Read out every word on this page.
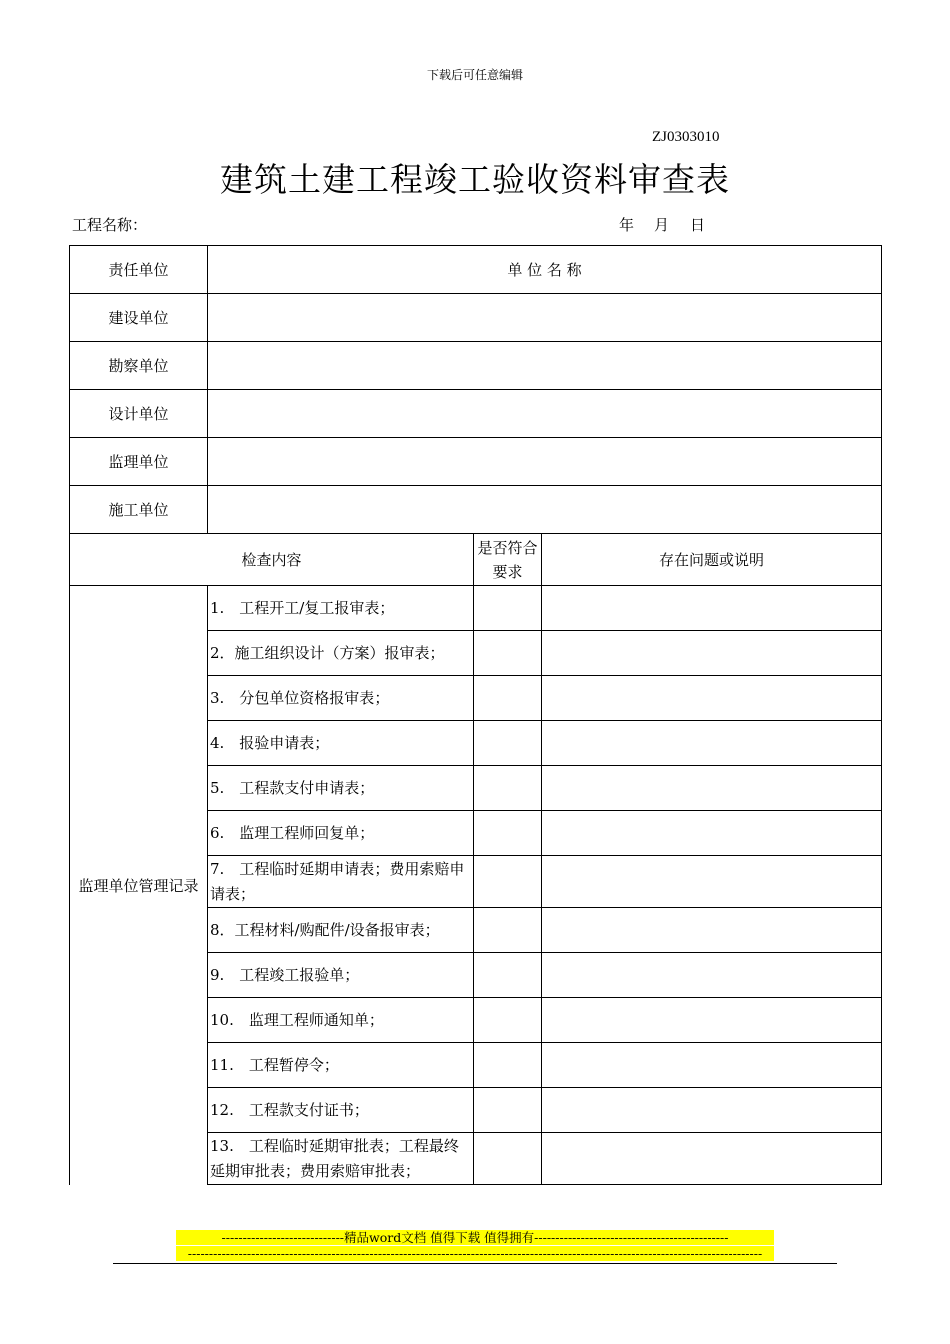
下载后可任意编辑
ZJ0303010
建筑土建工程竣工验收资料审查表
工程名称：	年 月 日
责任单位	单 位 名 称
建设单位	
勘察单位	
设计单位	
监理单位	
施工单位	
检查内容		是否符合要求	存在问题或说明
监理单位管理记录	1.　工程开工/复工报审表；		
	2．施工组织设计（方案）报审表；		
	3.　分包单位资格报审表；		
	4.　报验申请表；		
	5.　工程款支付申请表；		
	6.　监理工程师回复单；		
	7.　工程临时延期申请表；费用索赔申请表；		
	8．工程材料/购配件/设备报审表；		
	9.　工程竣工报验单；		
	10.　监理工程师通知单；		
	11.　工程暂停令；		
	12.　工程款支付证书；		
	13.　工程临时延期审批表；工程最终延期审批表；费用索赔审批表；		
-----------------------------精品word文档 值得下载 值得拥有----------------------------------------------
----------------------------------------------------------------------------------------------------------------------------------------
